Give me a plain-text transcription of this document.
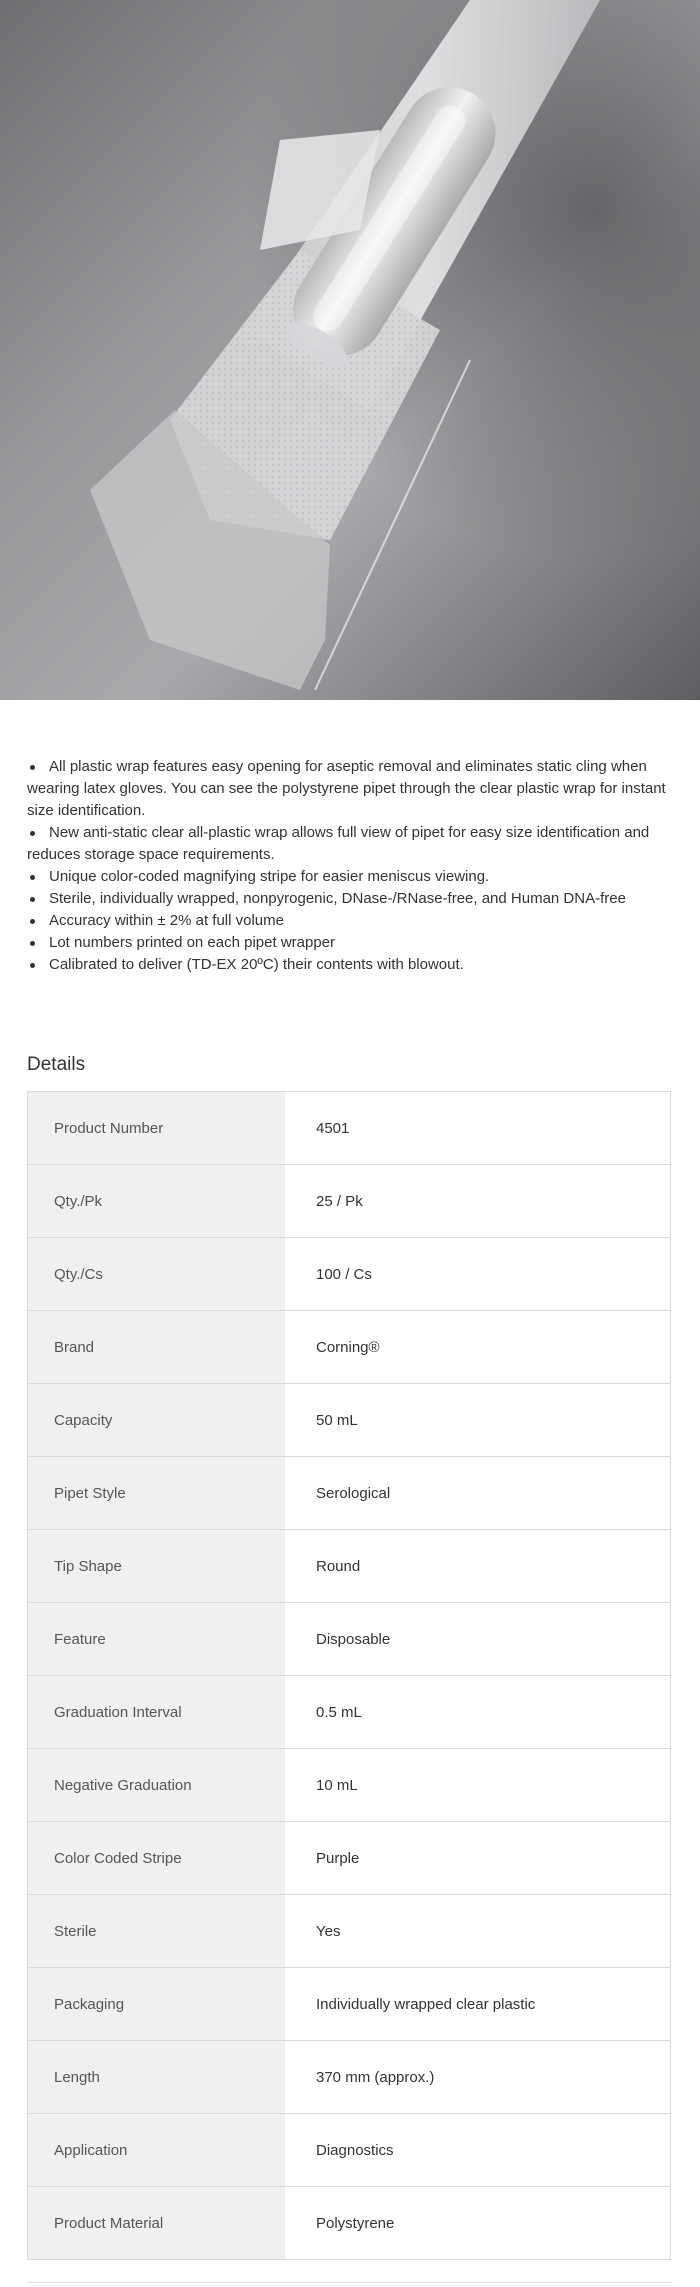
All plastic wrap features easy opening for aseptic removal and eliminates static cling when wearing latex gloves. You can see the polystyrene pipet through the clear plastic wrap for instant size identification.
New anti-static clear all-plastic wrap allows full view of pipet for easy size identification and reduces storage space requirements.
Unique color-coded magnifying stripe for easier meniscus viewing.
Sterile, individually wrapped, nonpyrogenic, DNase-/RNase-free, and Human DNA-free
Accuracy within ± 2% at full volume
Lot numbers printed on each pipet wrapper
Calibrated to deliver (TD-EX 20ºC) their contents with blowout.
Details
Product Number	4501
Qty./Pk	25 / Pk
Qty./Cs	100 / Cs
Brand	Corning®
Capacity	50 mL
Pipet Style	Serological
Tip Shape	Round
Feature	Disposable
Graduation Interval	0.5 mL
Negative Graduation	10 mL
Color Coded Stripe	Purple
Sterile	Yes
Packaging	Individually wrapped clear plastic
Length	370 mm (approx.)
Application	Diagnostics
Product Material	Polystyrene
